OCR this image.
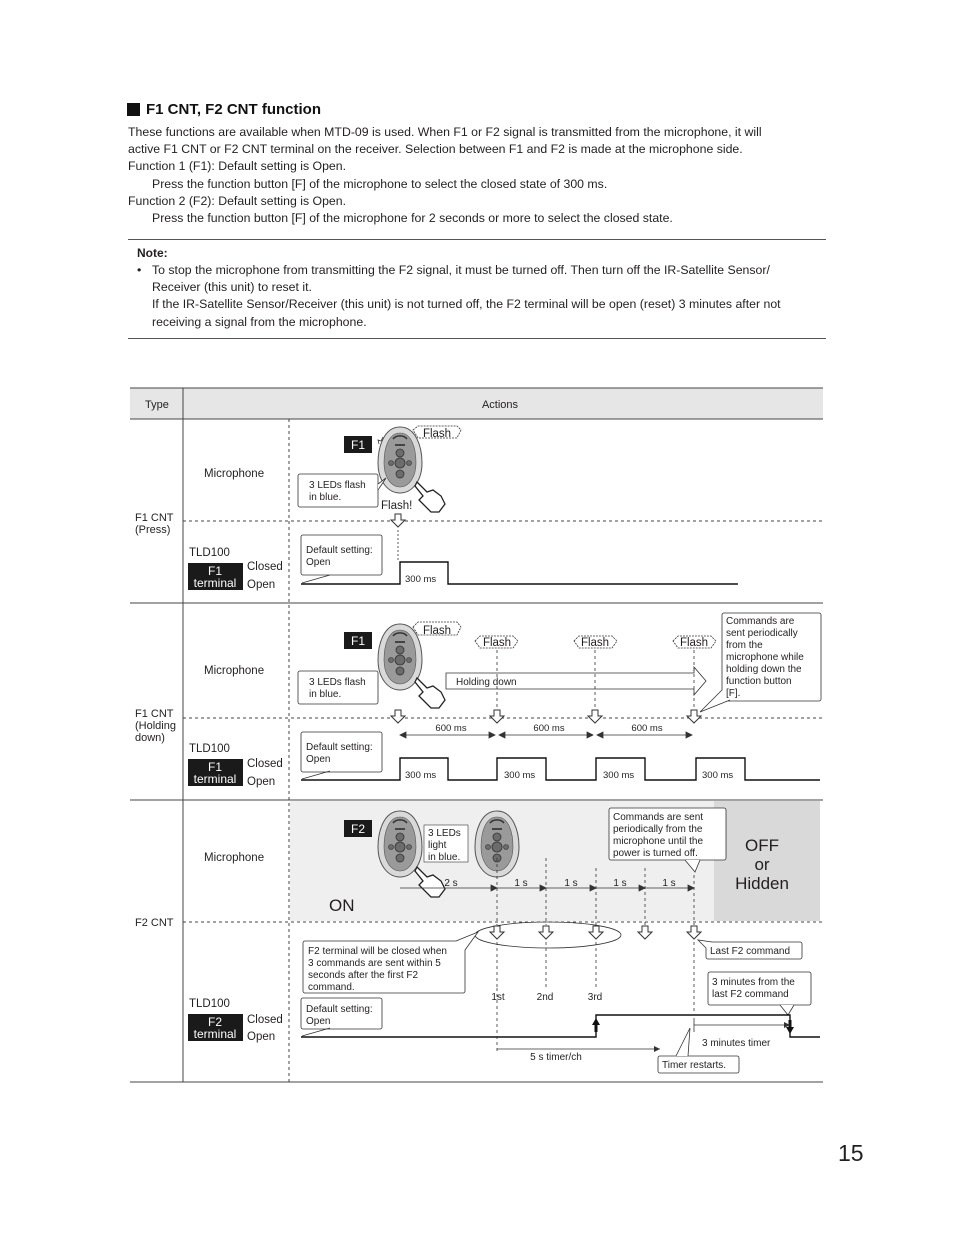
F1 CNT, F2 CNT function

These functions are available when MTD-09 is used. When F1 or F2 signal is transmitted from the microphone, it will

active F1 CNT or F2 CNT terminal on the receiver. Selection between F1 and F2 is made at the microphone side.

Function 1 (F1): Default setting is Open.

Press the function button [F] of the microphone to select the closed state of 300 ms.

Function 2 (F2): Default setting is Open.

Press the function button [F] of the microphone for 2 seconds or more to select the closed state.

Note:
• To stop the microphone from transmitting the F2 signal, it must be turned off. Then turn off the IR-Satellite Sensor/
Receiver (this unit) to reset it.
If the IR-Satellite Sensor/Receiver (this unit) is not turned off, the F2 terminal will be open (reset) 3 minutes after not
receiving a signal from the microphone.
Type	Actions
F1 CNT
(Press)
Microphone
TLD100
F1
terminal
Closed
Open
F1
Flash
3 LEDs flash
in blue.
Flash!
Default setting:
Open
300 ms
F1 CNT
(Holding
down)
Microphone
TLD100
F1
terminal
Closed
Open
F1
Flash
3 LEDs flash
in blue.
Holding down
Flash	Flash	Flash
Commands are
sent periodically
from the
microphone while
holding down the
function button
[F].
600 ms	600 ms	600 ms
Default setting:
Open
300 ms	300 ms	300 ms	300 ms
F2 CNT
Microphone
TLD100
F2
terminal
Closed
Open
F2	3 LEDs
light
in blue.
Commands are sent
periodically from the
microphone until the
power is turned off.	OFF
or
Hidden
ON
2 s	1 s	1 s	1 s	1 s
F2 terminal will be closed when
3 commands are sent within 5
seconds after the first F2
command.
Last F2 command
3 minutes from the
last F2 command
1st	2nd	3rd
Default setting:
Open
3 minutes timer
5 s timer/ch
Timer restarts.
15
